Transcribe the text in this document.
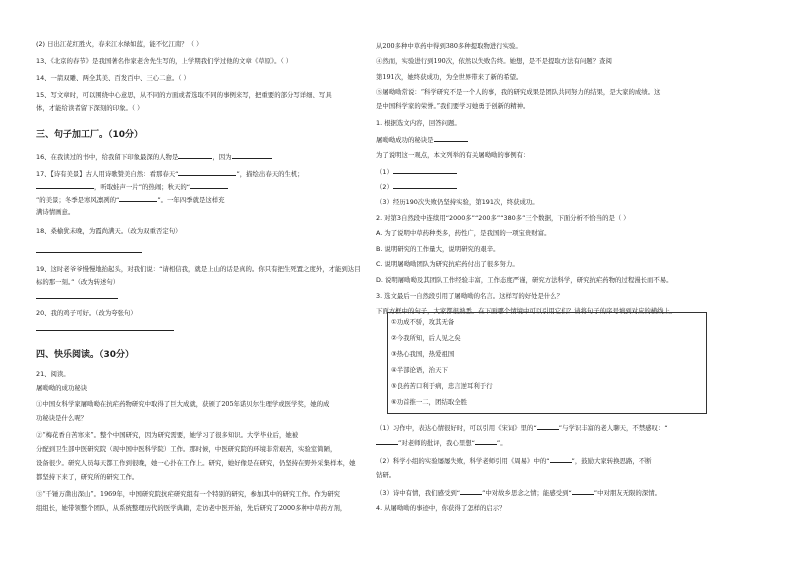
(2) 日出江花红胜火，春来江水绿如蓝，能不忆江南？（ ）
13、《北京的春节》是我国著名作家老舍先生写的，上学期我们学过他的文章《草原》。（ ）
14、一箭双雕、两全其美、百发百中、三心二意。（ ）
15、写文章时，可以围绕中心意思，从不同的方面或者选取不同的事例来写，把重要的部分写详细、写具
体，才能给读者留下深刻的印象。（ ）
三、句子加工厂。（10分）
16、在我读过的书中，给我留下印象最深的人物是	，因为
17、【诗有美景】古人用诗歌赞美自然：看那春天“	”，描绘出春天的生机；
，听取蛙声一片”的热闹；秋天的“
”的美景；冬季是寒风凛冽的“	”。一年四季就是这样充
满诗情画意。
18、桑榆犹未晚，为霞尚满天。（改为双重否定句）
19、这时老爷爷慢慢地抬起头，对我们说：“请相信我，就是上山的话是真的。你只有把生死置之度外，才能到达目
标的那一刻。”（改为转述句）
20、我的鸡子可好。（改为夸张句）
四、快乐阅读。（30分）
21、阅读。
屠呦呦的成功秘诀
①中国女科学家屠呦呦在抗疟药物研究中取得了巨大成就，获颁了205年诺贝尔生理学或医学奖，她的成
功秘诀是什么呢？
②“梅花香自苦寒来”。整个中国研究，因为研究需要，她学习了很多知识。大学毕业后，她被
分配到卫生部中医研究院（现中国中医科学院）工作。那时候，中医研究院的环境非常艰苦，实验室简陋，
设备很少。研究人员每天都工作到很晚，她一心扑在工作上。研究，她好像是在研究，仍坚持在野外采集样本，她
都坚持下来了，研究所的研究工作。
③“千锤万凿出深山”。1969年，中国研究院抗疟研究组有一个特别的研究，参加其中的研究工作。作为研究
组组长，她带领整个团队，从系统整理历代的医学典籍，走访老中医开始，先后研究了2000多种中草药方剂，
从200多种中草药中得到380多种提取物进行实验。
④然而，实验进行到190次，依然以失败告终。她想，是不是提取方法有问题？查阅
第191次，她终获成功，为全世界带来了新的希望。
⑤屠呦呦常说：“科学研究不是一个人的事，我的研究成果是团队共同努力的结果，是大家的成绩。这
是中国科学家的荣誉。”我们要学习她勇于创新的精神。
1. 根据选文内容，回答问题。
屠呦呦成功的秘诀是
为了说明这一观点，本文列举的有关屠呦呦的事例有：
（1）
（2）
（3）经历190次失败仍坚持实验，第191次，终获成功。
2. 对第3自然段中连续用“2000多”“200多”“380多”三个数据，下面分析不恰当的是（ ）
A. 为了说明中草药种类多，药性广，是我国的一项宝贵财富。
B. 说明研究的工作量大，说明研究的艰辛。
C. 说明屠呦呦团队为研究抗疟药付出了很多努力。
D. 说明屠呦呦及其团队工作经验丰富，工作态度严谨，研究方法科学，研究抗疟药物的过程漫长而不易。
3. 选文最后一自然段引用了屠呦呦的名言。这样写的好处是什么？
下面方框中的句子，大家都很熟悉。在下面哪个情境中可以引用它们？请将句子的序号填到对应的横线上。
①功成不骄，攻其无备
②今我所知，后人见之矣
③热心我国，热爱祖国
④半部论语，治天下
⑤良药苦口利于病，忠言逆耳利于行
⑥功首推一二，团结取全胜
（1）习作中，表达心情很好时，可以引用《宋词》里的“	”与学识丰富的老人聊天，不禁感叹：“
”对老师的批评，我心里想“	”。
（2）科学小组的实验屡屡失败，科学老师引用《周易》中的“	”，鼓励大家转换思路，不断
钻研。
（3）诗中有情，我们感受到“	”中对故乡思念之情；能感受到“	”中对朋友无限的深情。
4. 从屠呦呦的事迹中，你获得了怎样的启示？
